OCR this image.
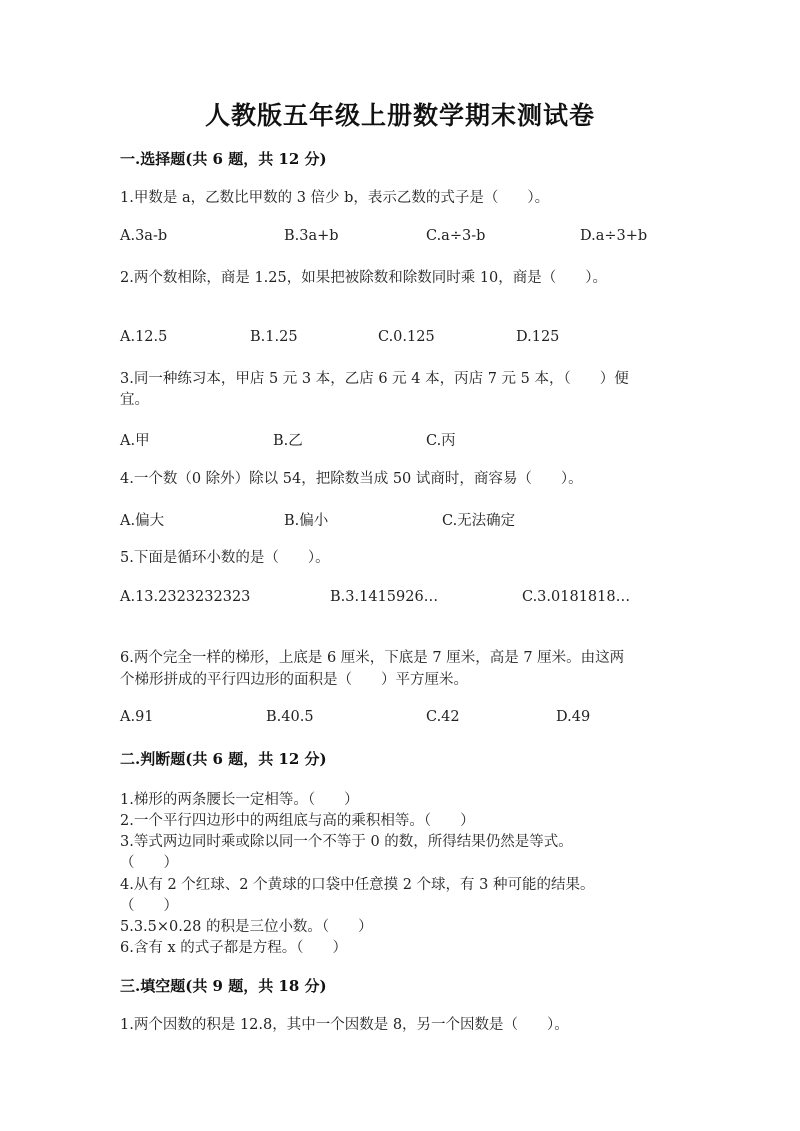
人教版五年级上册数学期末测试卷
一.选择题(共 6 题，共 12 分)
1.甲数是 a，乙数比甲数的 3 倍少 b，表示乙数的式子是（　　）。
A.3a-b	B.3a+b	C.a÷3-b	D.a÷3+b
2.两个数相除，商是 1.25，如果把被除数和除数同时乘 10，商是（　　）。
A.12.5	B.1.25	C.0.125	D.125
3.同一种练习本，甲店 5 元 3 本，乙店 6 元 4 本，丙店 7 元 5 本，（　　）便
宜。
A.甲	B.乙	C.丙
4.一个数（0 除外）除以 54，把除数当成 50 试商时，商容易（　　）。
A.偏大	B.偏小	C.无法确定
5.下面是循环小数的是（　　）。
A.13.2323232323	B.3.1415926…	C.3.0181818…
6.两个完全一样的梯形，上底是 6 厘米，下底是 7 厘米，高是 7 厘米。由这两
个梯形拼成的平行四边形的面积是（　　）平方厘米。
A.91	B.40.5	C.42	D.49
二.判断题(共 6 题，共 12 分)
1.梯形的两条腰长一定相等。（　　）
2.一个平行四边形中的两组底与高的乘积相等。（　　）
3.等式两边同时乘或除以同一个不等于 0 的数，所得结果仍然是等式。
（　　）
4.从有 2 个红球、2 个黄球的口袋中任意摸 2 个球，有 3 种可能的结果。
（　　）
5.3.5×0.28 的积是三位小数。（　　）
6.含有 x 的式子都是方程。（　　）
三.填空题(共 9 题，共 18 分)
1.两个因数的积是 12.8，其中一个因数是 8，另一个因数是（　　）。
